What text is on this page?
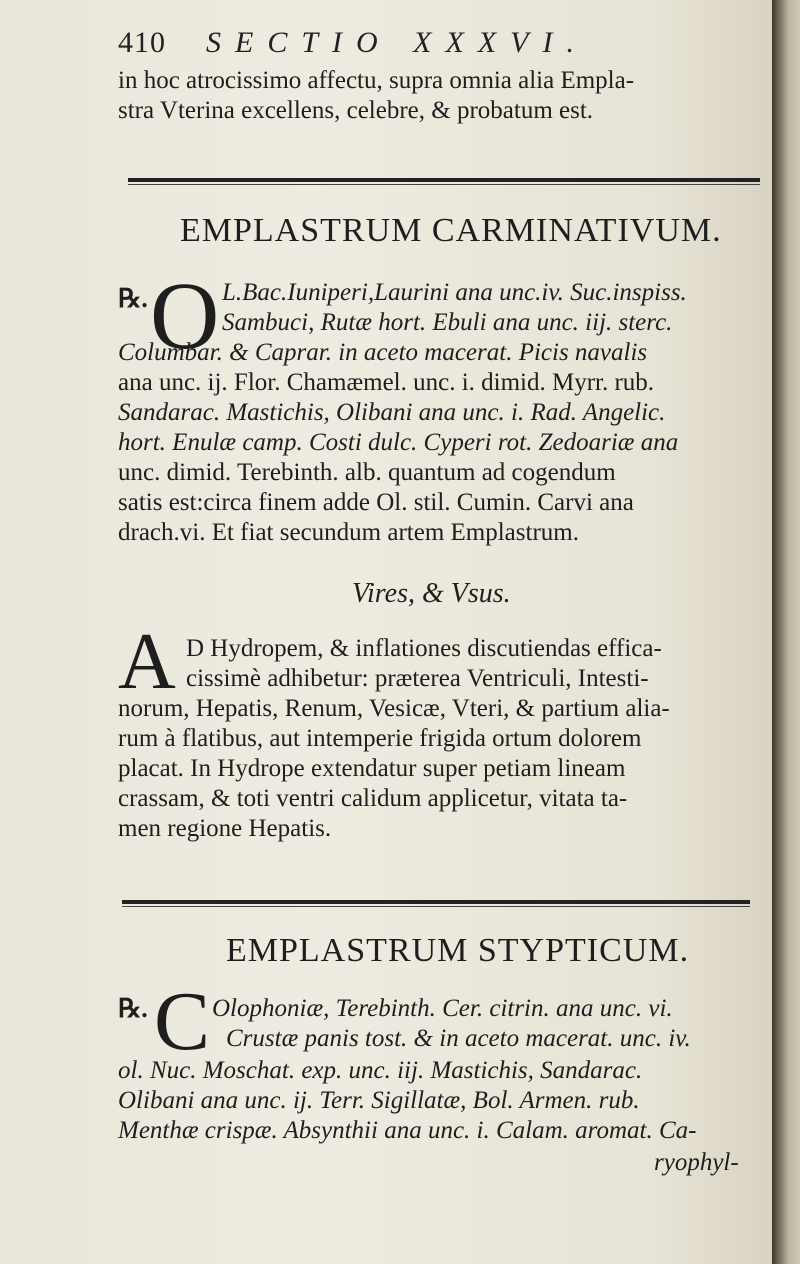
410 SECTIO XXXVI.
in hoc atrocissimo affectu, supra omnia alia Empla-
stra Vterina excellens, celebre, & probatum est.
EMPLASTRUM CARMINATIVUM.
℞. O L.Bac.Iuniperi,Laurini ana unc.iv. Suc.inspiss.
Sambuci, Rutæ hort. Ebuli ana unc. iij. sterc.
Columbar. & Caprar. in aceto macerat. Picis navalis
ana unc. ij. Flor. Chamæmel. unc. i. dimid. Myrr. rub.
Sandarac. Mastichis, Olibani ana unc. i. Rad. Angelic.
hort. Enulæ camp. Costi dulc. Cyperi rot. Zedoariæ ana
unc. dimid. Terebinth. alb. quantum ad cogendum
satis est:circa finem adde Ol. stil. Cumin. Carvi ana
drach.vi. Et fiat secundum artem Emplastrum.
Vires, & Vsus.
A D Hydropem, & inflationes discutiendas effica-
cissimè adhibetur: præterea Ventriculi, Intesti-
norum, Hepatis, Renum, Vesicæ, Vteri, & partium alia-
rum à flatibus, aut intemperie frigida ortum dolorem
placat. In Hydrope extendatur super petiam lineam
crassam, & toti ventri calidum applicetur, vitata ta-
men regione Hepatis.
EMPLASTRUM STYPTICUM.
℞. C Olophoniæ, Terebinth. Cer. citrin. ana unc. vi.
Crustæ panis tost. & in aceto macerat. unc. iv.
ol. Nuc. Moschat. exp. unc. iij. Mastichis, Sandarac.
Olibani ana unc. ij. Terr. Sigillatæ, Bol. Armen. rub.
Menthæ crispæ. Absynthii ana unc. i. Calam. aromat. Ca-
ryophyl-
